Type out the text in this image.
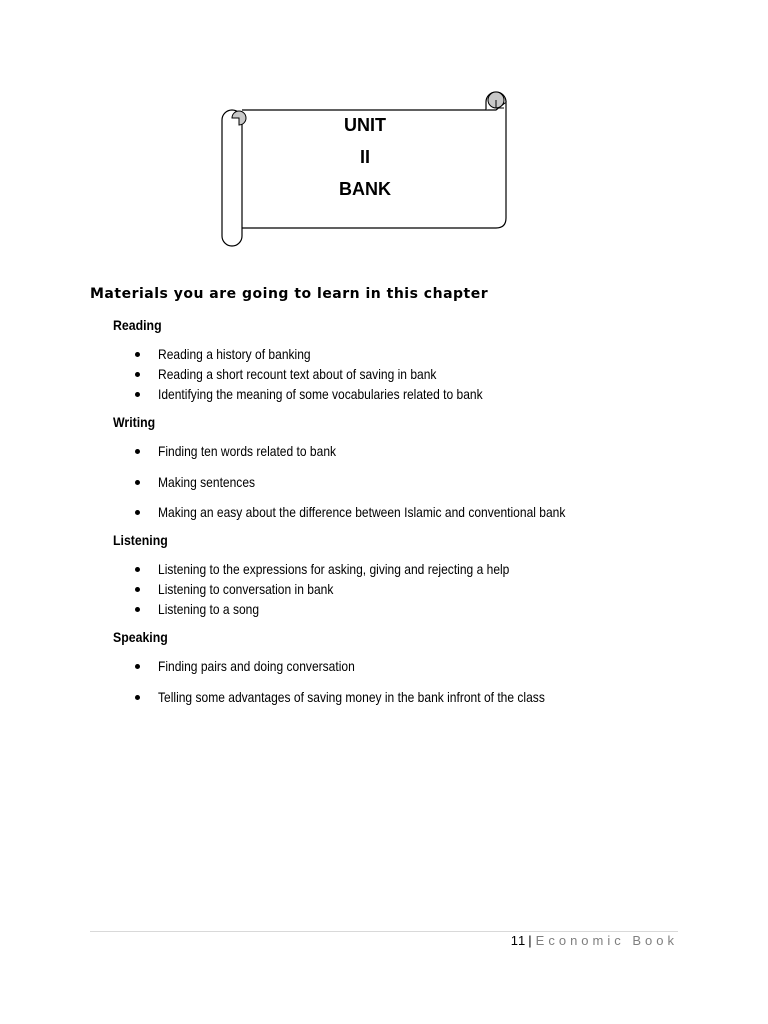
UNIT
II
BANK
Materials you are going to learn in this chapter
Reading
Reading a history of banking
Reading a short recount text about of saving in bank
Identifying the meaning of some vocabularies related to bank
Writing
Finding ten words related to bank
Making sentences
Making an easy about the difference between Islamic and conventional bank
Listening
Listening to the expressions for asking, giving and rejecting a help
Listening to conversation in bank
Listening to a song
Speaking
Finding pairs and doing conversation
Telling some advantages of saving money in the bank infront of the class
11 | Economic Book
